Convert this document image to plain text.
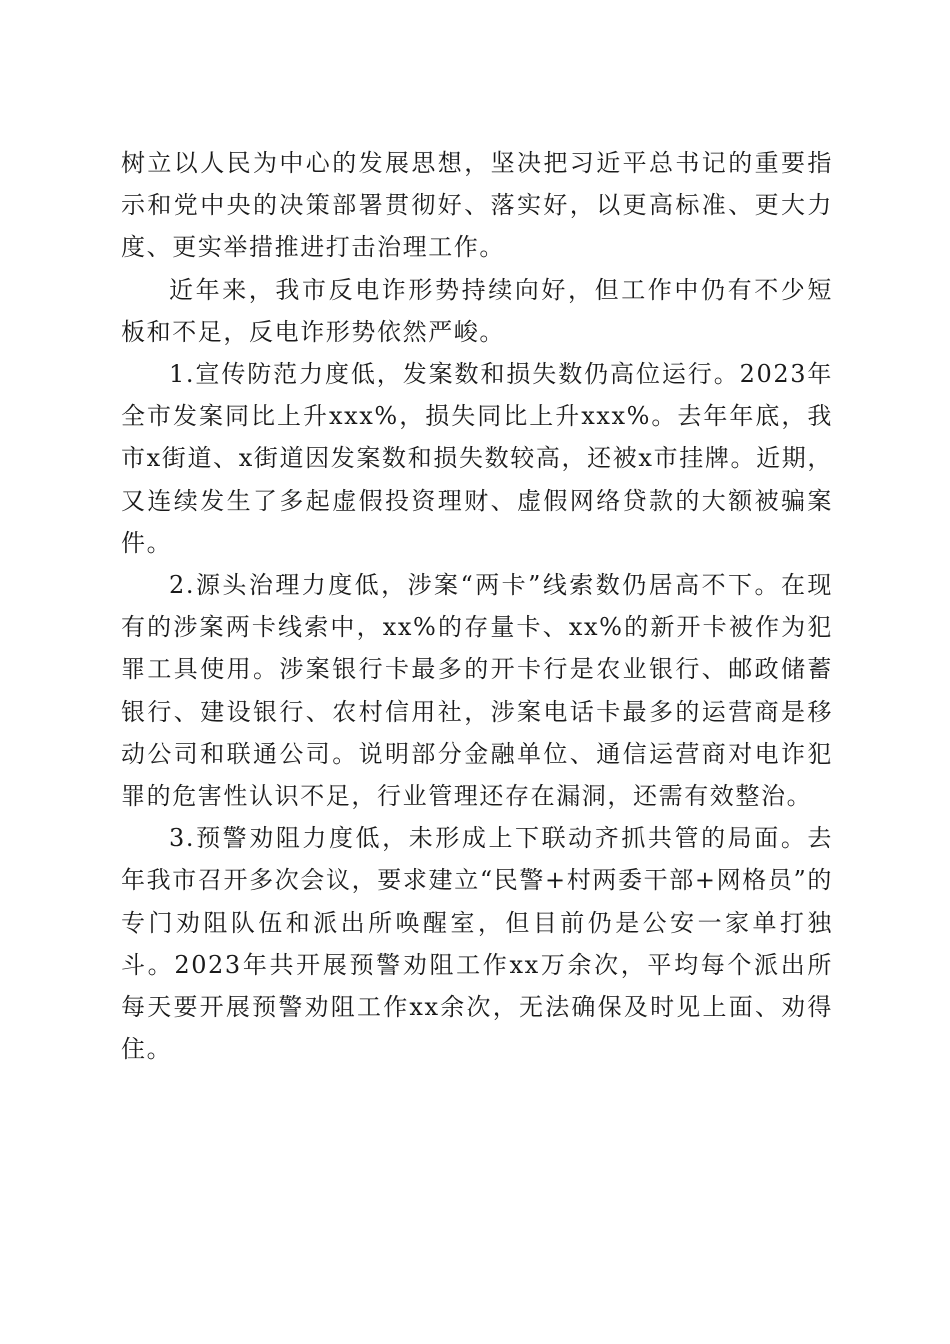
树立以人民为中心的发展思想，坚决把习近平总书记的重要指示和党中央的决策部署贯彻好、落实好，以更高标准、更大力度、更实举措推进打击治理工作。

近年来，我市反电诈形势持续向好，但工作中仍有不少短板和不足，反电诈形势依然严峻。

1.宣传防范力度低，发案数和损失数仍高位运行。2023年全市发案同比上升xxx%，损失同比上升xxx%。去年年底，我市x街道、x街道因发案数和损失数较高，还被x市挂牌。近期，又连续发生了多起虚假投资理财、虚假网络贷款的大额被骗案件。

2.源头治理力度低，涉案“两卡”线索数仍居高不下。在现有的涉案两卡线索中，xx%的存量卡、xx%的新开卡被作为犯罪工具使用。涉案银行卡最多的开卡行是农业银行、邮政储蓄银行、建设银行、农村信用社，涉案电话卡最多的运营商是移动公司和联通公司。说明部分金融单位、通信运营商对电诈犯罪的危害性认识不足，行业管理还存在漏洞，还需有效整治。

3.预警劝阻力度低，未形成上下联动齐抓共管的局面。去年我市召开多次会议，要求建立“民警+村两委干部+网格员”的专门劝阻队伍和派出所唤醒室，但目前仍是公安一家单打独斗。2023年共开展预警劝阻工作xx万余次，平均每个派出所每天要开展预警劝阻工作xx余次，无法确保及时见上面、劝得住。
